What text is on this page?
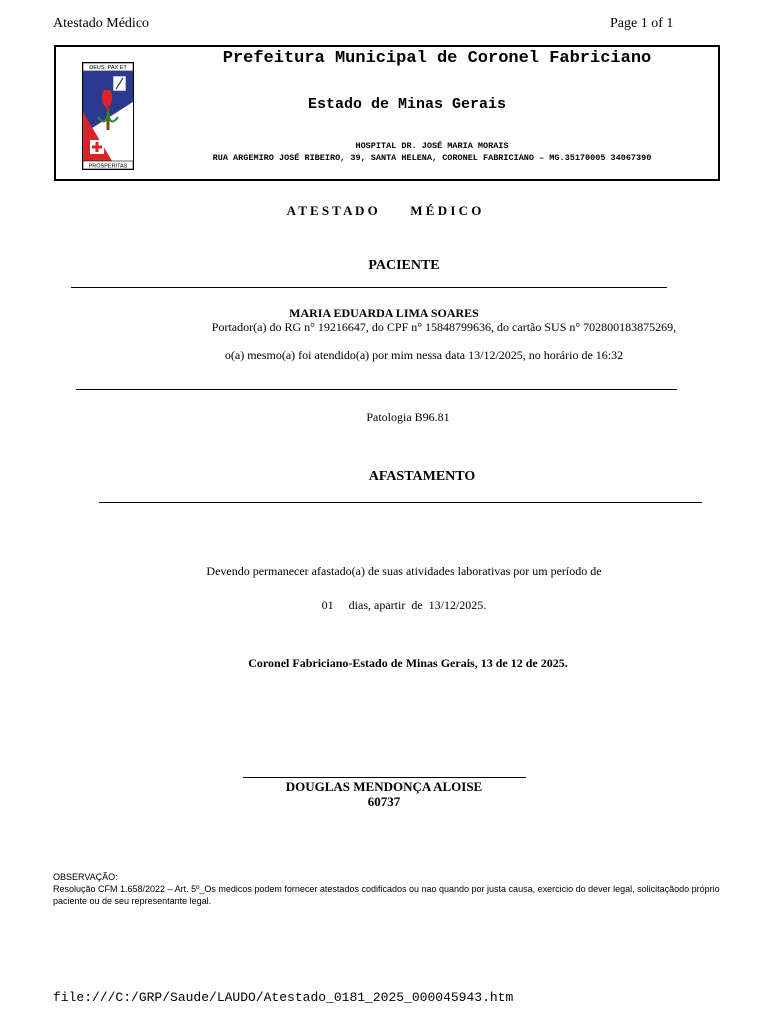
Atestado Médico	Page 1 of 1
DEUS, PAX ET
PROSPERITAS
Prefeitura Municipal de Coronel Fabriciano
Estado de Minas Gerais
HOSPITAL DR. JOSÉ MARIA MORAIS
RUA ARGEMIRO JOSÉ RIBEIRO, 39, SANTA HELENA, CORONEL FABRICIANO – MG.35170005 34067390
A T E S T A D O          M É D I C O
PACIENTE
MARIA EDUARDA LIMA SOARES
Portador(a) do RG n° 19216647, do CPF n° 15848799636, do cartão SUS n° 702800183875269,
o(a) mesmo(a) foi atendido(a) por mim nessa data 13/12/2025, no horário de 16:32
Patologia B96.81
AFASTAMENTO
Devendo permanecer afastado(a) de suas atividades laborativas por um período de
01     dias, apartir  de  13/12/2025.
Coronel Fabriciano-Estado de Minas Gerais, 13 de 12 de 2025.
DOUGLAS MENDONÇA ALOISE
60737
OBSERVAÇÃO:
Resolução CFM 1.658/2022 – Art. 5º_Os medicos podem fornecer atestados codificados ou nao quando por justa causa, exercicio do dever legal, solicitaçãodo próprio paciente ou de seu representante legal.
file:///C:/GRP/Saude/LAUDO/Atestado_0181_2025_000045943.htm
